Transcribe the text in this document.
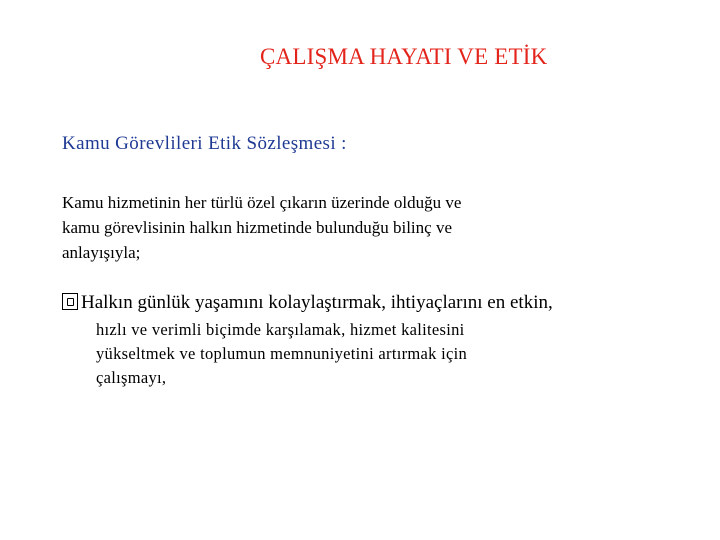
ÇALIŞMA HAYATI VE ETİK
Kamu Görevlileri Etik Sözleşmesi :
Kamu hizmetinin her türlü özel çıkarın üzerinde olduğu ve
kamu görevlisinin halkın hizmetinde bulunduğu bilinç ve
anlayışıyla;
Halkın günlük yaşamını kolaylaştırmak, ihtiyaçlarını en etkin,
hızlı ve verimli biçimde karşılamak, hizmet kalitesini
yükseltmek ve toplumun memnuniyetini artırmak için
çalışmayı,
